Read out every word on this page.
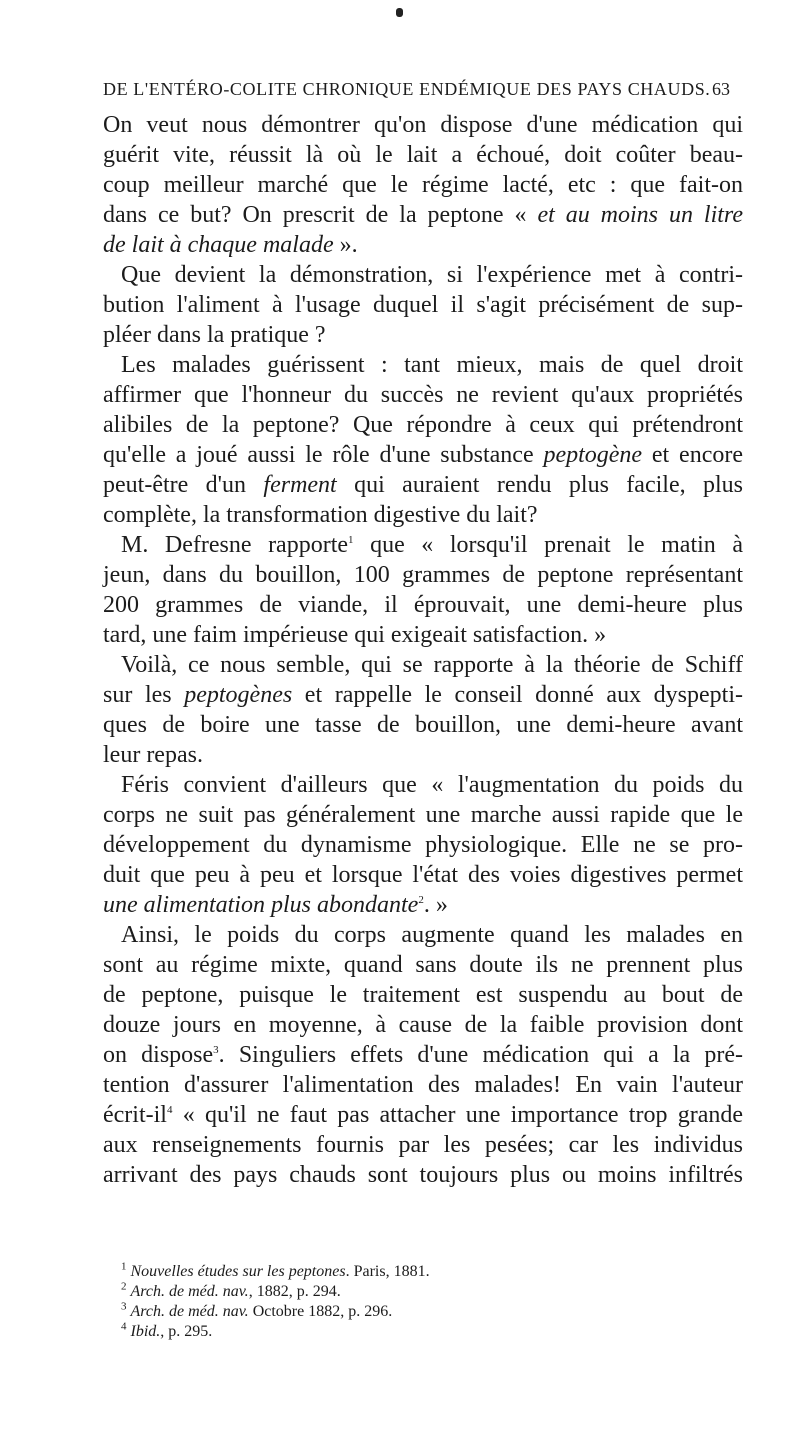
DE L'ENTÉRO-COLITE CHRONIQUE ENDÉMIQUE DES PAYS CHAUDS. 63
On veut nous démontrer qu'on dispose d'une médication qui
guérit vite, réussit là où le lait a échoué, doit coûter beau-
coup meilleur marché que le régime lacté, etc : que fait-on
dans ce but? On prescrit de la peptone « et au moins un litre
de lait à chaque malade ».
Que devient la démonstration, si l'expérience met à contri-
bution l'aliment à l'usage duquel il s'agit précisément de sup-
pléer dans la pratique ?
Les malades guérissent : tant mieux, mais de quel droit
affirmer que l'honneur du succès ne revient qu'aux propriétés
alibiles de la peptone? Que répondre à ceux qui prétendront
qu'elle a joué aussi le rôle d'une substance peptogène et encore
peut-être d'un ferment qui auraient rendu plus facile, plus
complète, la transformation digestive du lait?
M. Defresne rapporte$^1$ que « lorsqu'il prenait le matin à
jeun, dans du bouillon, 100 grammes de peptone représentant
200 grammes de viande, il éprouvait, une demi-heure plus
tard, une faim impérieuse qui exigeait satisfaction. »
Voilà, ce nous semble, qui se rapporte à la théorie de Schiff
sur les peptogènes et rappelle le conseil donné aux dyspepti-
ques de boire une tasse de bouillon, une demi-heure avant
leur repas.
Féris convient d'ailleurs que « l'augmentation du poids du
corps ne suit pas généralement une marche aussi rapide que le
développement du dynamisme physiologique. Elle ne se pro-
duit que peu à peu et lorsque l'état des voies digestives permet
une alimentation plus abondante$^2$. »
Ainsi, le poids du corps augmente quand les malades en
sont au régime mixte, quand sans doute ils ne prennent plus
de peptone, puisque le traitement est suspendu au bout de
douze jours en moyenne, à cause de la faible provision dont
on dispose$^3$. Singuliers effets d'une médication qui a la pré-
tention d'assurer l'alimentation des malades! En vain l'auteur
écrit-$il^4$ « qu'il ne faut pas attacher une importance trop grande
aux renseignements fournis par les pesées; car les individus
arrivant des pays chauds sont toujours plus ou moins infiltrés
$^1$ Nouvelles études sur les peptones. Paris, 1881.
$^2$ Arch. de méd. nav., 1882, p. 294.
$^3$ Arch. de méd. nav. Octobre 1882, p. 296.
$^4$ Ibid., p. 295.
